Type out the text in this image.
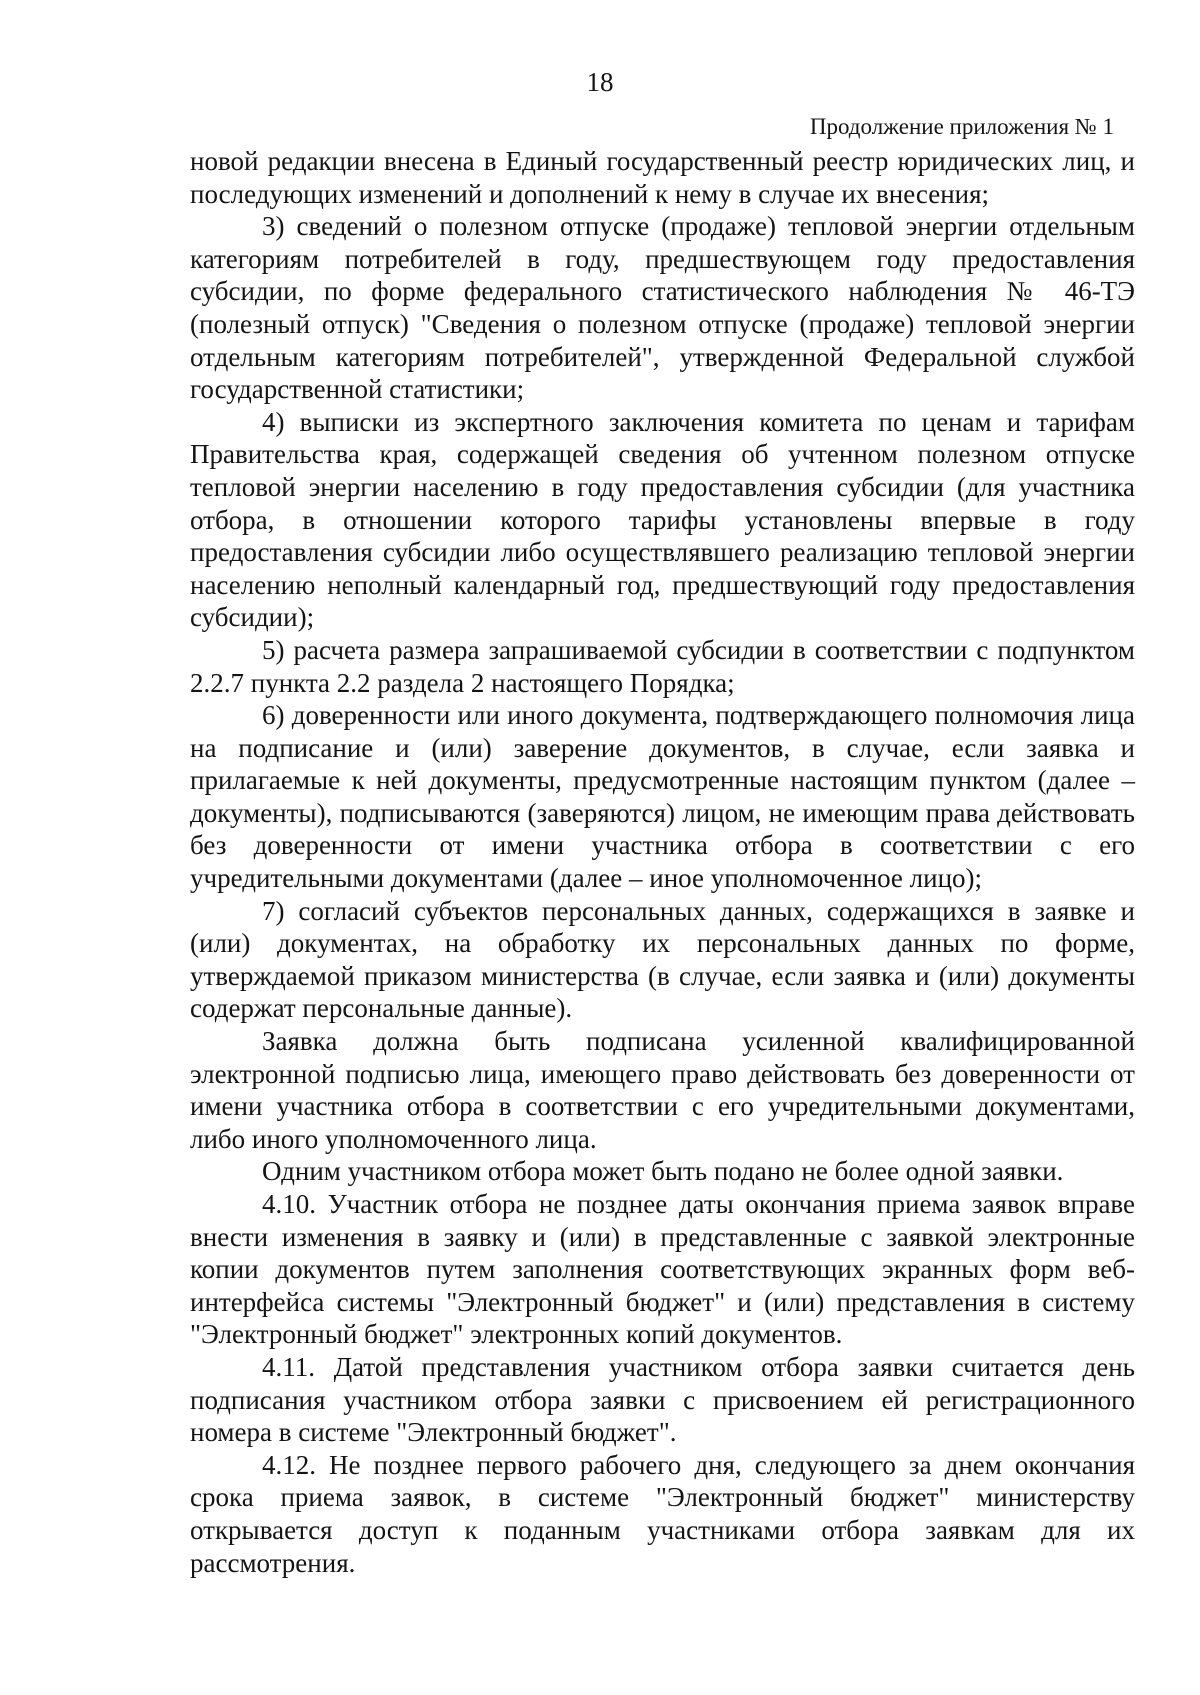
18
Продолжение приложения № 1

новой редакции внесена в Единый государственный реестр юридических лиц, и последующих изменений и дополнений к нему в случае их внесения;

3) сведений о полезном отпуске (продаже) тепловой энергии отдельным категориям потребителей в году, предшествующем году предоставления субсидии, по форме федерального статистического наблюдения № 46-ТЭ (полезный отпуск) "Сведения о полезном отпуске (продаже) тепловой энергии отдельным категориям потребителей", утвержденной Федеральной службой государственной статистики;

4) выписки из экспертного заключения комитета по ценам и тарифам Правительства края, содержащей сведения об учтенном полезном отпуске тепловой энергии населению в году предоставления субсидии (для участника отбора, в отношении которого тарифы установлены впервые в году предоставления субсидии либо осуществлявшего реализацию тепловой энергии населению неполный календарный год, предшествующий году предоставления субсидии);

5) расчета размера запрашиваемой субсидии в соответствии с подпунктом 2.2.7 пункта 2.2 раздела 2 настоящего Порядка;

6) доверенности или иного документа, подтверждающего полномочия лица на подписание и (или) заверение документов, в случае, если заявка и прилагаемые к ней документы, предусмотренные настоящим пунктом (далее – документы), подписываются (заверяются) лицом, не имеющим права действовать без доверенности от имени участника отбора в соответствии с его учредительными документами (далее – иное уполномоченное лицо);

7) согласий субъектов персональных данных, содержащихся в заявке и (или) документах, на обработку их персональных данных по форме, утверждаемой приказом министерства (в случае, если заявка и (или) документы содержат персональные данные).

Заявка должна быть подписана усиленной квалифицированной электронной подписью лица, имеющего право действовать без доверенности от имени участника отбора в соответствии с его учредительными документами, либо иного уполномоченного лица.

Одним участником отбора может быть подано не более одной заявки.

4.10. Участник отбора не позднее даты окончания приема заявок вправе внести изменения в заявку и (или) в представленные с заявкой электронные копии документов путем заполнения соответствующих экранных форм веб-интерфейса системы "Электронный бюджет" и (или) представления в систему "Электронный бюджет" электронных копий документов.

4.11. Датой представления участником отбора заявки считается день подписания участником отбора заявки с присвоением ей регистрационного номера в системе "Электронный бюджет".

4.12. Не позднее первого рабочего дня, следующего за днем окончания срока приема заявок, в системе "Электронный бюджет" министерству открывается доступ к поданным участниками отбора заявкам для их рассмотрения.
